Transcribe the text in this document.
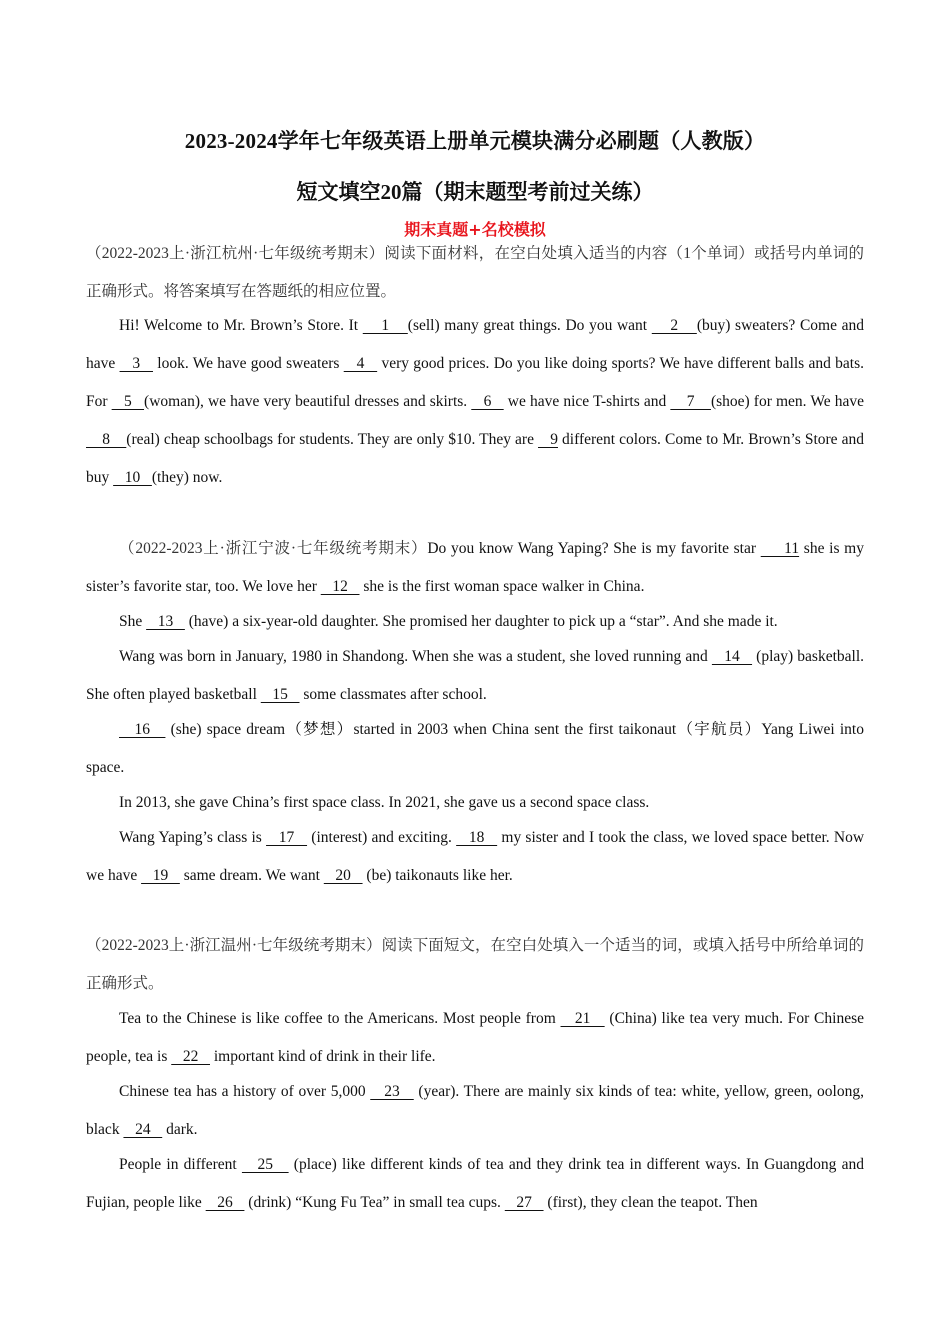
2023-2024学年七年级英语上册单元模块满分必刷题（人教版）
短文填空20篇（期末题型考前过关练）
期末真题+名校模拟
（2022-2023上·浙江杭州·七年级统考期末）阅读下面材料，在空白处填入适当的内容（1个单词）或括号内单词的正确形式。将答案填写在答题纸的相应位置。
Hi! Welcome to Mr. Brown’s Store. It     1    (sell) many great things. Do you want     2    (buy) sweaters? Come and have    3    look. We have good sweaters    4    very good prices. Do you like doing sports? We have different balls and bats. For    5   (woman), we have very beautiful dresses and skirts.    6    we have nice T-shirts and     7    (shoe) for men. We have     8    (real) cheap schoolbags for students. They are only $10. They are    9 different colors. Come to Mr. Brown’s Store and buy    10   (they) now.
（2022-2023上·浙江宁波·七年级统考期末）Do you know Wang Yaping? She is my favorite star      11 she is my sister’s favorite star, too. We love her    12    she is the first woman space walker in China.
She    13    (have) a six-year-old daughter. She promised her daughter to pick up a “star”. And she made it.
Wang was born in January, 1980 in Shandong. When she was a student, she loved running and    14    (play) basketball. She often played basketball    15    some classmates after school.
16    (she) space dream（梦想）started in 2003 when China sent the first taikonaut（宇航员）Yang Liwei into space.
In 2013, she gave China’s first space class. In 2021, she gave us a second space class.
Wang Yaping’s class is    17    (interest) and exciting.    18    my sister and I took the class, we loved space better. Now we have    19    same dream. We want    20    (be) taikonauts like her.
（2022-2023上·浙江温州·七年级统考期末）阅读下面短文，在空白处填入一个适当的词，或填入括号中所给单词的正确形式。
Tea to the Chinese is like coffee to the Americans. Most people from    21    (China) like tea very much. For Chinese people, tea is    22    important kind of drink in their life.
Chinese tea has a history of over 5,000    23    (year). There are mainly six kinds of tea: white, yellow, green, oolong, black    24    dark.
People in different    25    (place) like different kinds of tea and they drink tea in different ways. In Guangdong and Fujian, people like    26    (drink) “Kung Fu Tea” in small tea cups.    27    (first), they clean the teapot. Then
